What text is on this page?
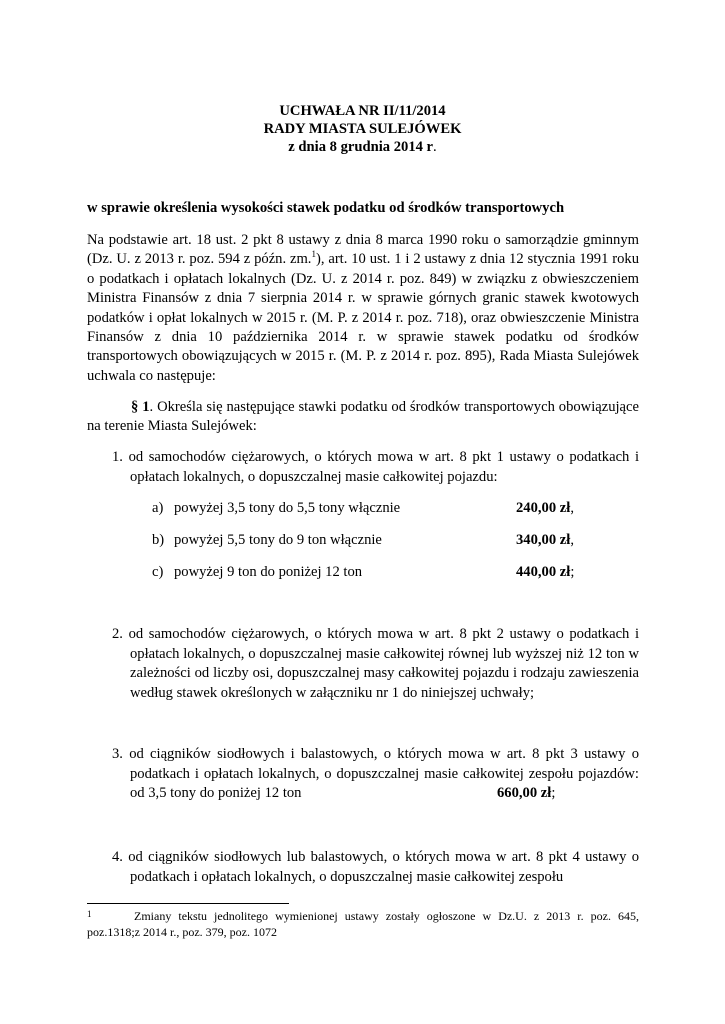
UCHWAŁA NR II/11/2014
RADY MIASTA SULEJÓWEK
z dnia 8 grudnia 2014 r.
w sprawie określenia wysokości stawek podatku od środków transportowych
Na podstawie art. 18 ust. 2 pkt 8 ustawy z dnia 8 marca 1990 roku o samorządzie gminnym (Dz. U. z 2013 r. poz. 594 z późn. zm.$^1$), art. 10 ust. 1 i 2 ustawy z dnia 12 stycznia 1991 roku o podatkach i opłatach lokalnych (Dz. U. z 2014 r. poz. 849) w związku z obwieszczeniem Ministra Finansów z dnia 7 sierpnia 2014 r. w sprawie górnych granic stawek kwotowych podatków i opłat lokalnych w 2015 r. (M. P. z 2014 r. poz. 718), oraz obwieszczenie Ministra Finansów z dnia 10 października 2014 r. w sprawie stawek podatku od środków transportowych obowiązujących w 2015 r. (M. P. z 2014 r. poz. 895), Rada Miasta Sulejówek uchwala co następuje:
§ 1. Określa się następujące stawki podatku od środków transportowych obowiązujące na terenie Miasta Sulejówek:
1. od samochodów ciężarowych, o których mowa w art. 8 pkt 1 ustawy o podatkach i opłatach lokalnych, o dopuszczalnej masie całkowitej pojazdu:
a) powyżej 3,5 tony do 5,5 tony włącznie	240,00 zł,
b) powyżej 5,5 tony do 9 ton włącznie	340,00 zł,
c) powyżej 9 ton do poniżej 12 ton	440,00 zł;
2. od samochodów ciężarowych, o których mowa w art. 8 pkt 2 ustawy o podatkach i opłatach lokalnych, o dopuszczalnej masie całkowitej równej lub wyższej niż 12 ton w zależności od liczby osi, dopuszczalnej masy całkowitej pojazdu i rodzaju zawieszenia według stawek określonych w załączniku nr 1 do niniejszej uchwały;
3. od ciągników siodłowych i balastowych, o których mowa w art. 8 pkt 3 ustawy o podatkach i opłatach lokalnych, o dopuszczalnej masie całkowitej zespołu pojazdów: od 3,5 tony do poniżej 12 ton	660,00 zł;
4. od ciągników siodłowych lub balastowych, o których mowa w art. 8 pkt 4 ustawy o podatkach i opłatach lokalnych, o dopuszczalnej masie całkowitej zespołu
1	Zmiany tekstu jednolitego wymienionej ustawy zostały ogłoszone w Dz.U. z 2013 r. poz. 645, poz.1318;z 2014 r., poz. 379, poz. 1072
